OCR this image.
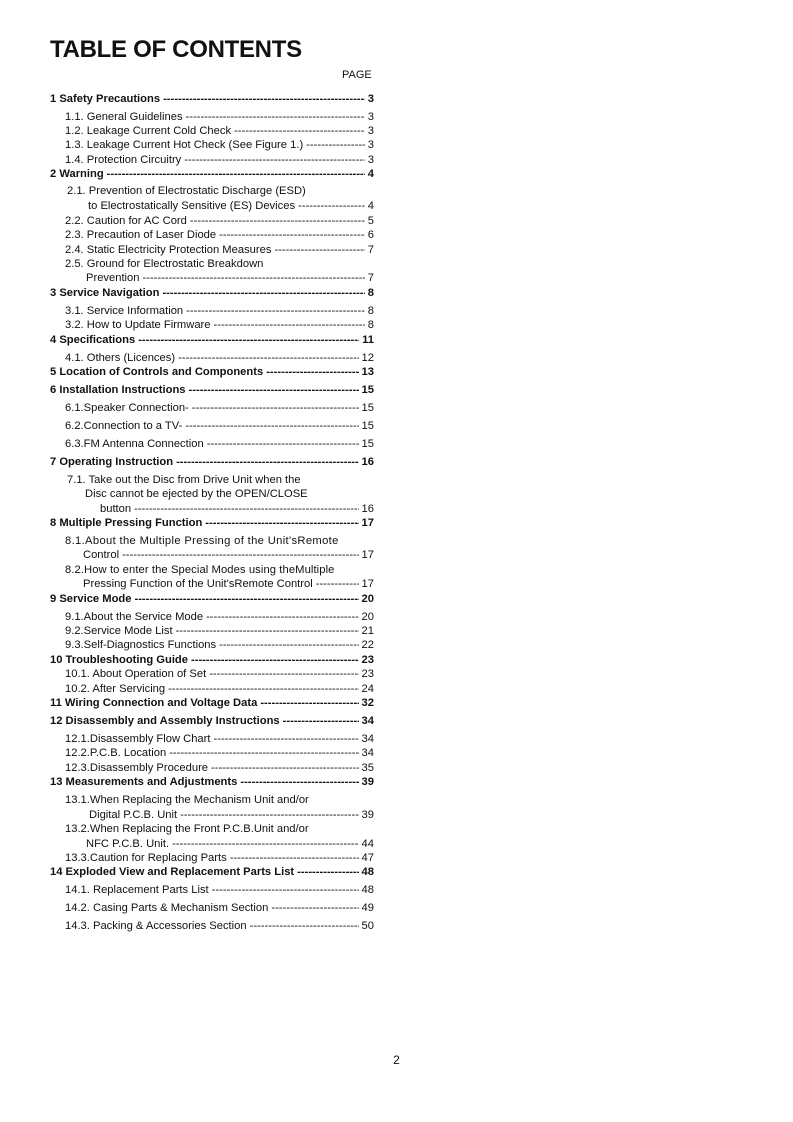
TABLE OF CONTENTS
PAGE
1 Safety Precautions -----	3
1.1. General Guidelines -----	3
1.2. Leakage Current Cold Check -----	3
1.3. Leakage Current Hot Check (See Figure 1.) -----	3
1.4. Protection Circuitry -----	3
2 Warning -----	4
2.1. Prevention of Electrostatic Discharge (ESD)
to Electrostatically Sensitive (ES) Devices -----	4
2.2. Caution for AC Cord -----	5
2.3. Precaution of Laser Diode -----	6
2.4. Static Electricity Protection Measures -----	7
2.5. Ground for Electrostatic Breakdown
Prevention -----	7
3 Service Navigation -----	8
3.1. Service Information -----	8
3.2. How to Update Firmware -----	8
4 Specifications -----	11
4.1. Others (Licences) -----	12
5 Location of Controls and Components -----	13
6 Installation Instructions -----	15
6.1.Speaker Connection- -----	15
6.2.Connection to a TV- -----	15
6.3.FM Antenna Connection -----	15
7 Operating Instruction -----	16
7.1. Take out the Disc from Drive Unit when the
Disc cannot be ejected by the OPEN/CLOSE
button -----	16
8 Multiple Pressing Function -----	17
8.1.About the Multiple Pressing of the Unit'sRemote
Control -----	17
8.2.How to enter the Special Modes using theMultiple
Pressing Function of the Unit'sRemote Control -----	17
9 Service Mode -----	20
9.1.About the Service Mode -----	20
9.2.Service Mode List -----	21
9.3.Self-Diagnostics Functions -----	22
10 Troubleshooting Guide -----	23
10.1. About Operation of Set -----	23
10.2. After Servicing -----	24
11 Wiring Connection and Voltage Data -----	32
12 Disassembly and Assembly Instructions -----	34
12.1.Disassembly Flow Chart -----	34
12.2.P.C.B. Location -----	34
12.3.Disassembly Procedure -----	35
13 Measurements and Adjustments -----	39
13.1.When Replacing the Mechanism Unit and/or
Digital P.C.B. Unit -----	39
13.2.When Replacing the Front P.C.B.Unit and/or
NFC P.C.B. Unit. -----	44
13.3.Caution for Replacing Parts -----	47
14 Exploded View and Replacement Parts List -----	48
14.1. Replacement Parts List -----	48
14.2. Casing Parts & Mechanism Section -----	49
14.3. Packing & Accessories Section -----	50
2
